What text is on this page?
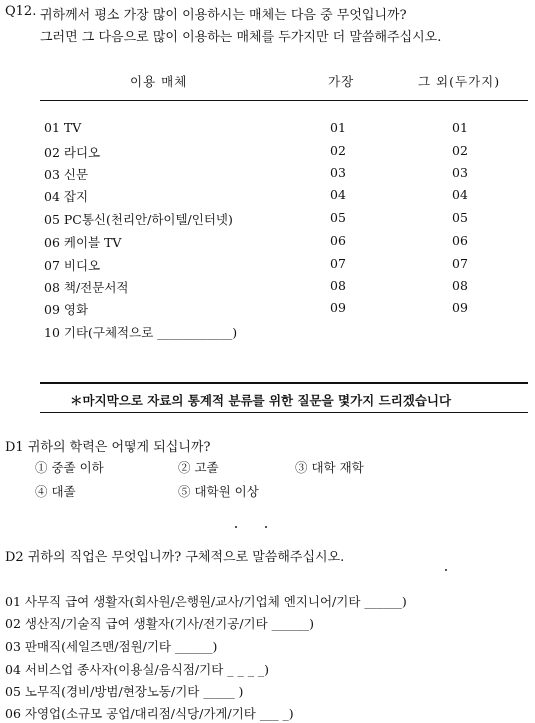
Q12. 귀하께서 평소 가장 많이 이용하시는 매체는 다음 중 무엇입니까?
그러면 그 다음으로 많이 이용하는 매체를 두가지만 더 말씀해주십시오.
이용 매체	가장	그 외(두가지)
01 TV	01	01
02 라디오	02	02
03 신문	03	03
04 잡지	04	04
05 PC통신(천리안/하이텔/인터넷)	05	05
06 케이블 TV	06	06
07 비디오	07	07
08 책/전문서적	08	08
09 영화	09	09
10 기타(구체적으로 ____________)
＊마지막으로 자료의 통계적 분류를 위한 질문을 몇가지 드리겠습니다
D1 귀하의 학력은 어떻게 되십니까?
① 중졸 이하	② 고졸	③ 대학 재학
④ 대졸	⑤ 대학원 이상
D2 귀하의 직업은 무엇입니까? 구체적으로 말씀해주십시오.
01 사무직 급여 생활자(회사원/은행원/교사/기업체 엔지니어/기타 ______)
02 생산직/기술직 급여 생활자(기사/전기공/기타 ______)
03 판매직(세일즈맨/점원/기타 ______)
04 서비스업 종사자(이용실/음식점/기타 _ _ _ _)
05 노무직(경비/방범/현장노동/기타 _____ )
06 자영업(소규모 공업/대리점/식당/가게/기타 ___ _)
